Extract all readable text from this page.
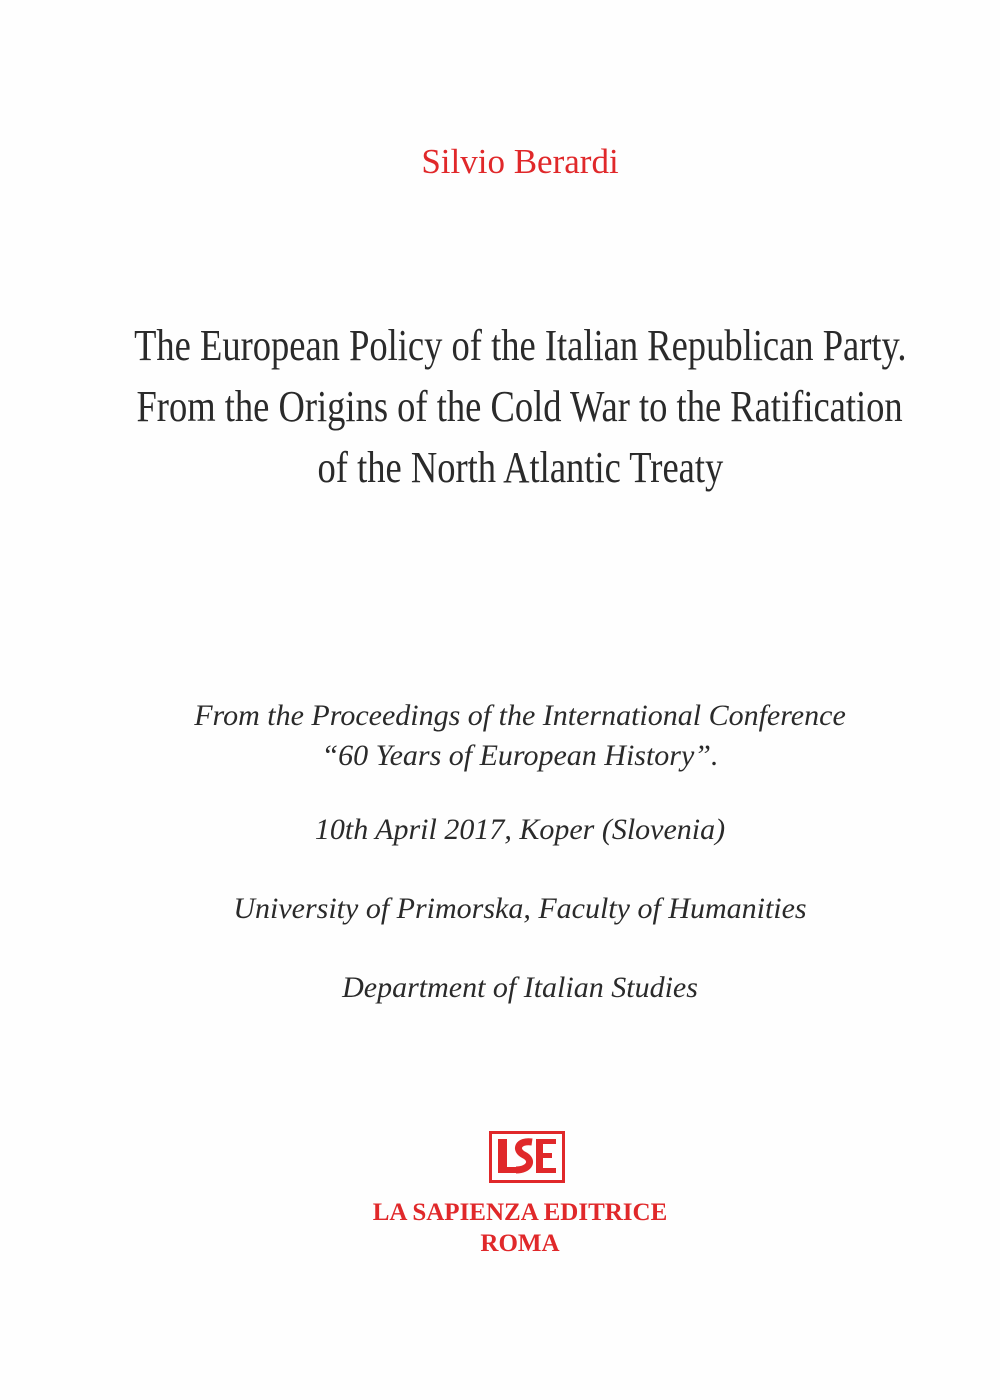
Silvio Berardi
The European Policy of the Italian Republican Party.
From the Origins of the Cold War to the Ratification
of the North Atlantic Treaty
From the Proceedings of the International Conference
“60 Years of European History”.
10th April 2017, Koper (Slovenia)
University of Primorska, Faculty of Humanities
Department of Italian Studies
LA SAPIENZA EDITRICE
ROMA
